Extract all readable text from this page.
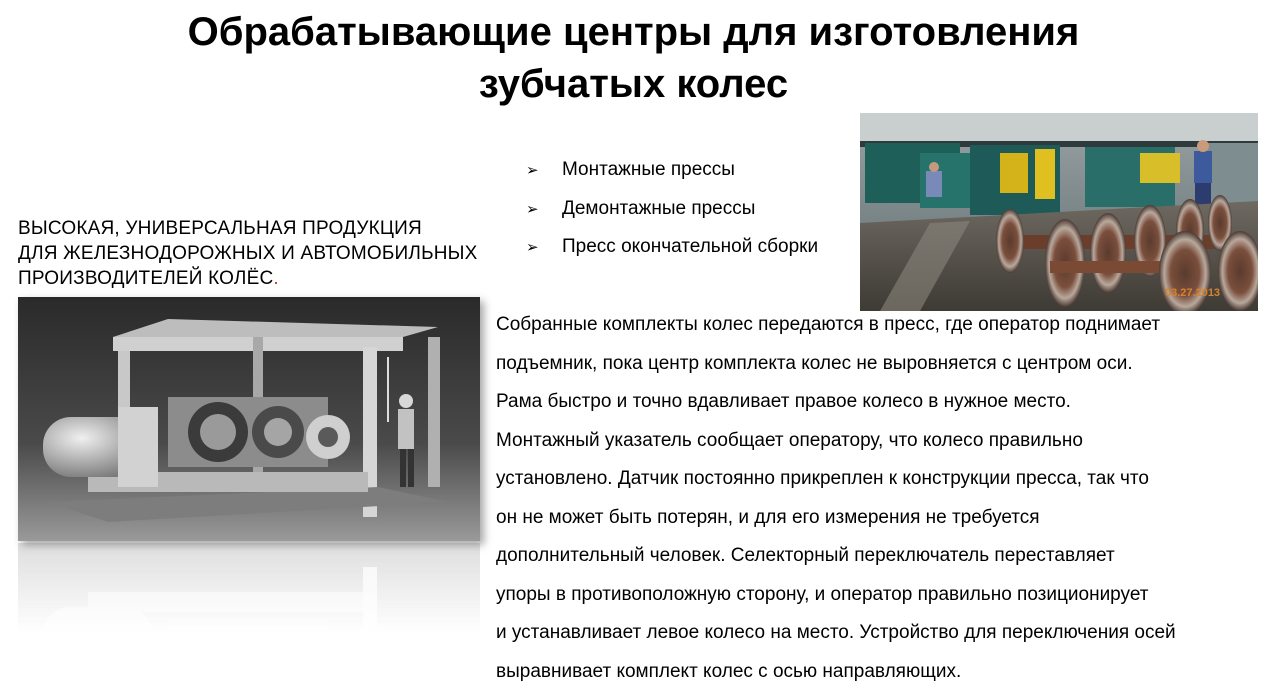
Обрабатывающие центры для изготовления
зубчатых колес
ВЫСОКАЯ, УНИВЕРСАЛЬНАЯ ПРОДУКЦИЯ
ДЛЯ ЖЕЛЕЗНОДОРОЖНЫХ И АВТОМОБИЛЬНЫХ
ПРОИЗВОДИТЕЛЕЙ КОЛЁС.
➢	Монтажные прессы
➢	Демонтажные прессы
➢	Пресс окончательной сборки
03.27.2013
Собранные комплекты колес передаются в пресс, где оператор поднимает
подъемник, пока центр комплекта колес не выровняется с центром оси.
Рама быстро и точно вдавливает правое колесо в нужное место.
Монтажный указатель сообщает оператору, что колесо правильно
установлено. Датчик постоянно прикреплен к конструкции пресса, так что
он не может быть потерян, и для его измерения не требуется
дополнительный человек. Селекторный переключатель переставляет
упоры в противоположную сторону, и оператор правильно позиционирует
и устанавливает левое колесо на место. Устройство для переключения осей
выравнивает комплект колес с осью направляющих.
